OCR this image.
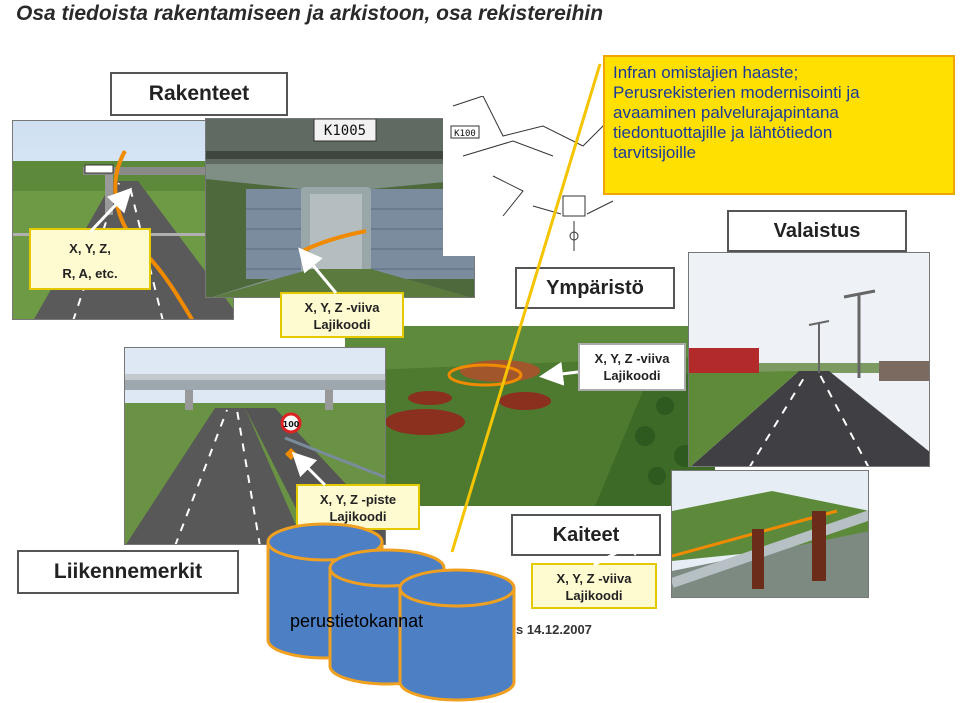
Osa tiedoista rakentamiseen ja arkistoon, osa rekistereihin
K1005	K100
100
Rakenteet
Ympäristö
Valaistus
Kaiteet
Liikennemerkit
X, Y, Z,
R, A, etc.
X, Y, Z -viiva
Lajikoodi
X, Y, Z -viiva
Lajikoodi
X, Y, Z -piste
Lajikoodi
X, Y, Z -viiva
Lajikoodi
s 14.12.2007
perustietokannat
Infran omistajien haaste;
Perusrekisterien modernisointi ja
avaaminen palvelurajapintana
tiedontuottajille ja lähtötiedon
tarvitsijoille
